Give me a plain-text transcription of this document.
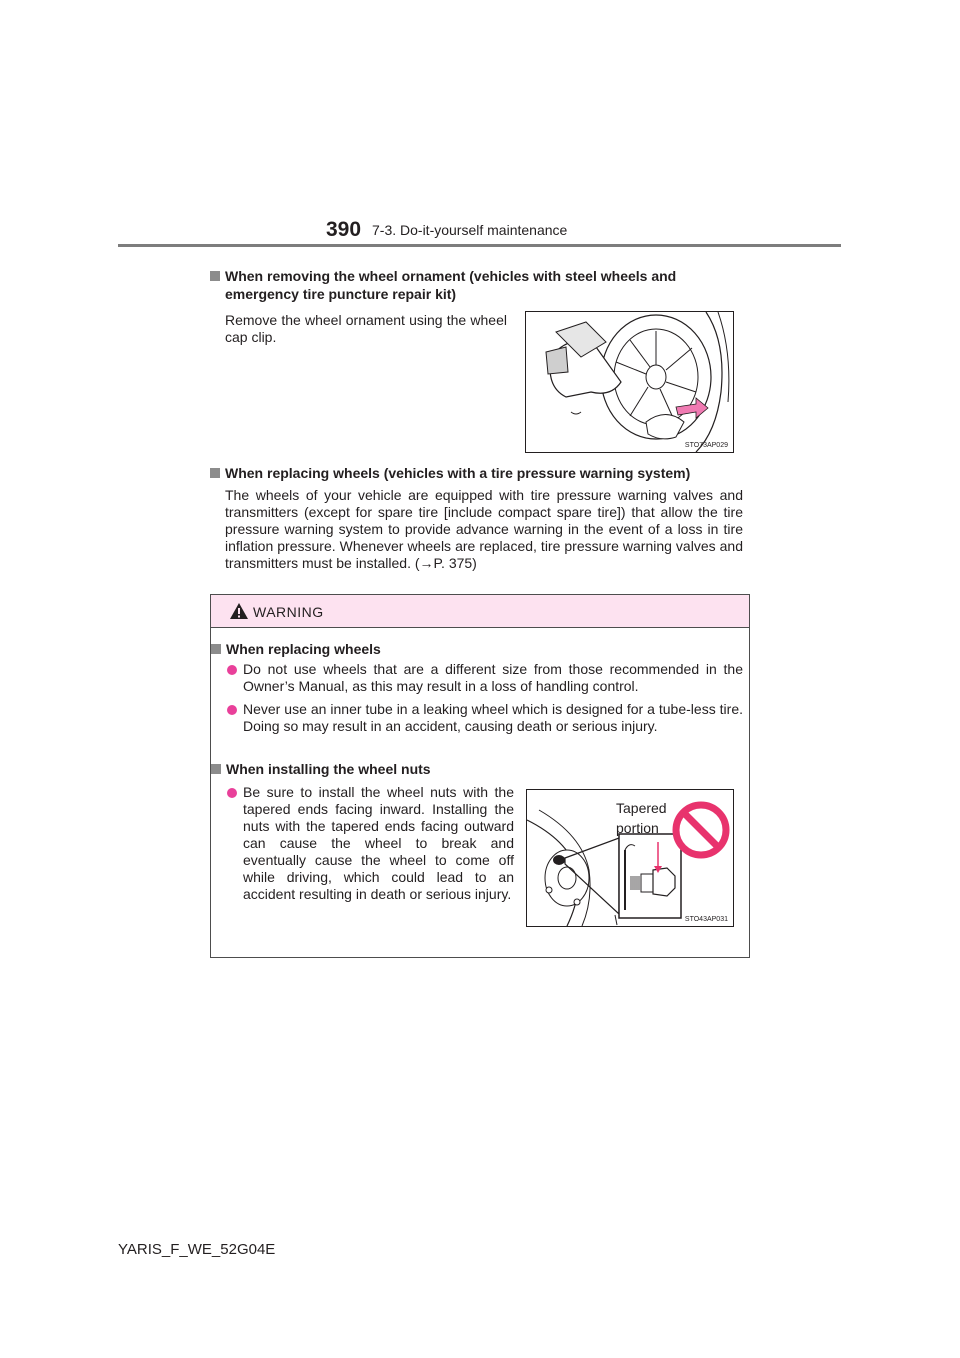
390 7-3. Do-it-yourself maintenance
When removing the wheel ornament (vehicles with steel wheels and
emergency tire puncture repair kit)
Remove the wheel ornament using the wheel cap clip.
STO73AP029
When replacing wheels (vehicles with a tire pressure warning system)
The wheels of your vehicle are equipped with tire pressure warning valves and transmitters (except for spare tire [include compact spare tire]) that allow the tire pressure warning system to provide advance warning in the event of a loss in tire inflation pressure. Whenever wheels are replaced, tire pressure warning valves and transmitters must be installed. (→P. 375)
WARNING
When replacing wheels
Do not use wheels that are a different size from those recommended in the Owner’s Manual, as this may result in a loss of handling control.
Never use an inner tube in a leaking wheel which is designed for a tube-less tire. Doing so may result in an accident, causing death or serious injury.
When installing the wheel nuts
Be sure to install the wheel nuts with the tapered ends facing inward. Installing the nuts with the tapered ends facing outward can cause the wheel to break and eventually cause the wheel to come off while driving, which could lead to an accident resulting in death or serious injury.
Tapered
portion
STO43AP031
YARIS_F_WE_52G04E
